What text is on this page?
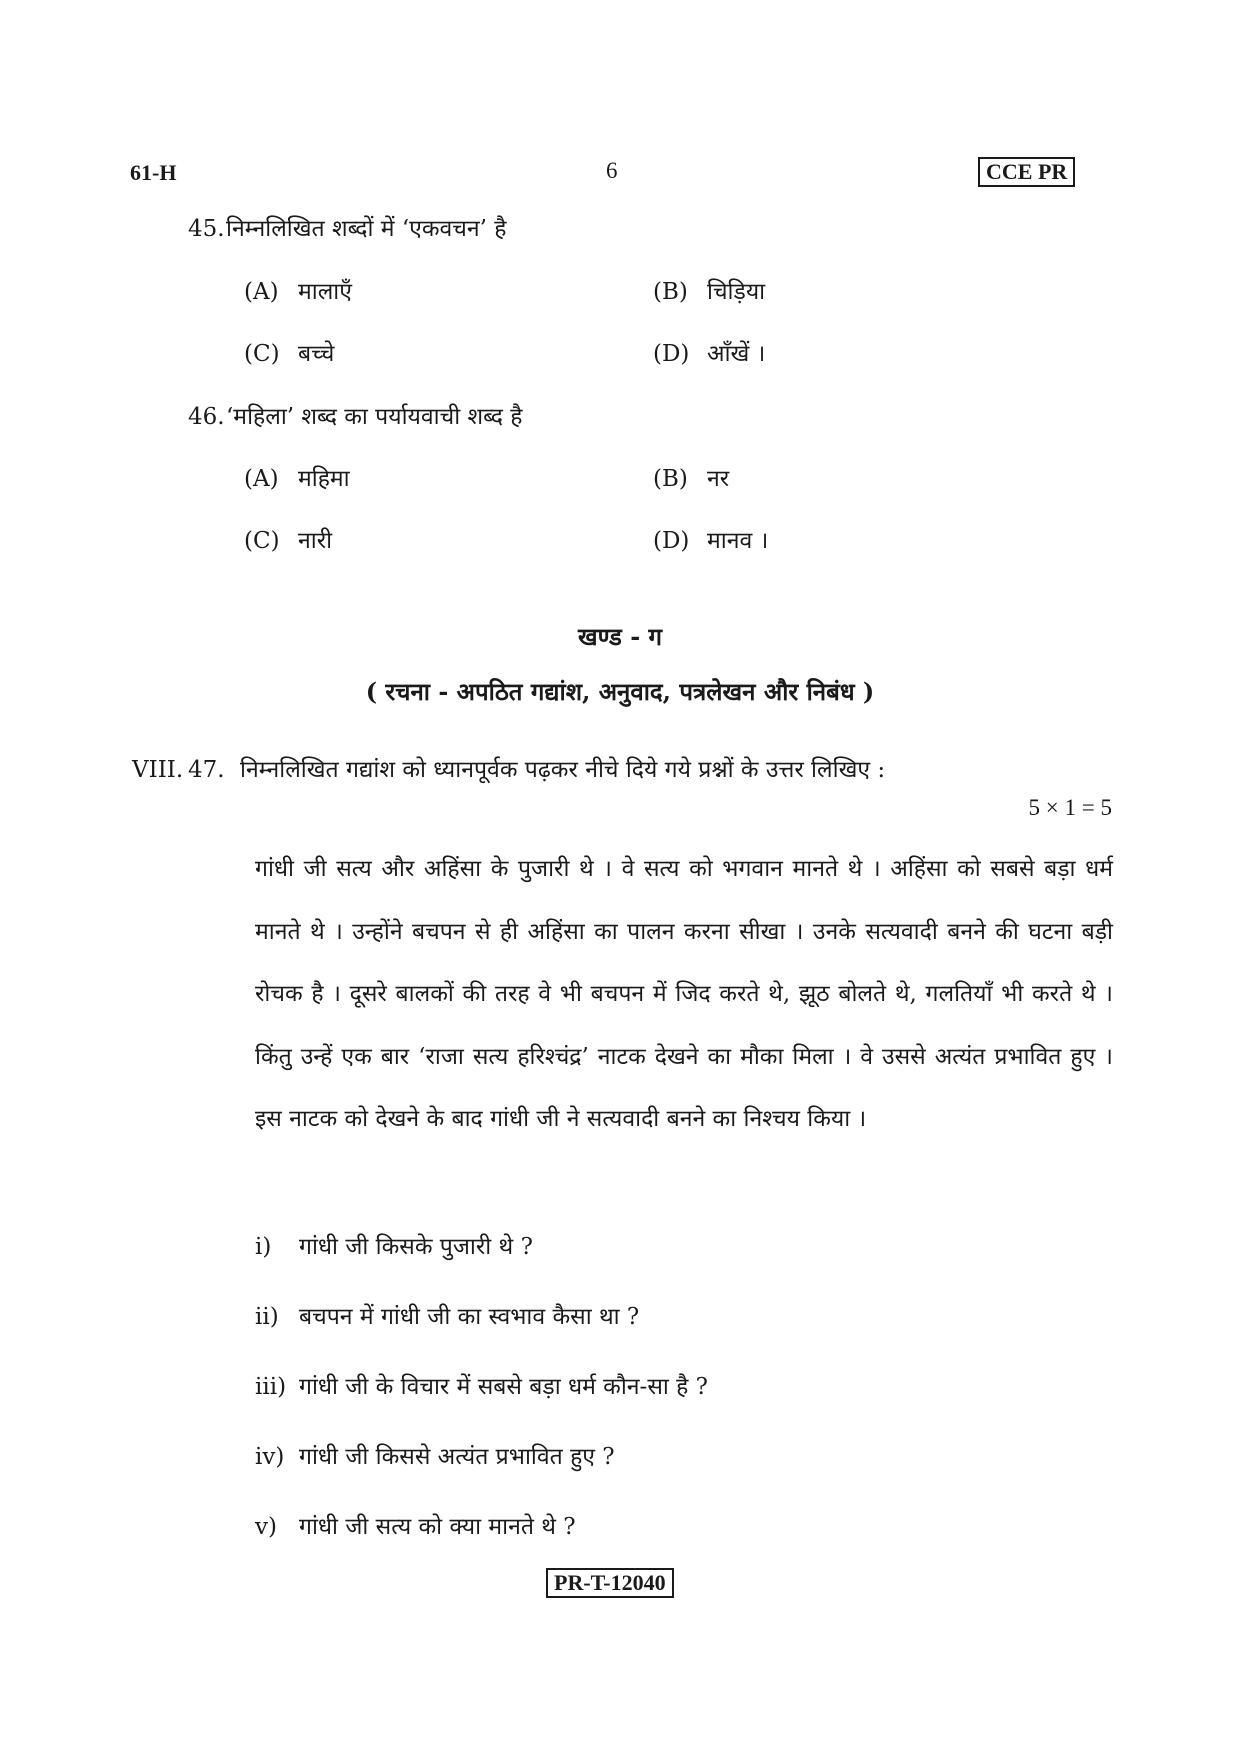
61-H	6	CCE PR
45.निम्नलिखित शब्दों में ‘एकवचन’ है
(A) मालाएँ	(B) चिड़िया
(C) बच्चे	(D) आँखें ।
46.‘महिला’ शब्द का पर्यायवाची शब्द है
(A) महिमा	(B) नर
(C) नारी	(D) मानव ।
खण्ड - ग
( रचना - अपठित गद्यांश, अनुवाद, पत्रलेखन और निबंध )
VIII. 47. निम्नलिखित गद्यांश को ध्यानपूर्वक पढ़कर नीचे दिये गये प्रश्नों के उत्तर लिखिए :
5 × 1 = 5
गांधी जी सत्य और अहिंसा के पुजारी थे । वे सत्य को भगवान मानते थे । अहिंसा को सबसे बड़ा धर्म मानते थे । उन्होंने बचपन से ही अहिंसा का पालन करना सीखा । उनके सत्यवादी बनने की घटना बड़ी रोचक है । दूसरे बालकों की तरह वे भी बचपन में जिद करते थे, झूठ बोलते थे, गलतियाँ भी करते थे । किंतु उन्हें एक बार ‘राजा सत्य हरिश्चंद्र’ नाटक देखने का मौका मिला । वे उससे अत्यंत प्रभावित हुए । इस नाटक को देखने के बाद गांधी जी ने सत्यवादी बनने का निश्चय किया ।
i) गांधी जी किसके पुजारी थे ?
ii) बचपन में गांधी जी का स्वभाव कैसा था ?
iii) गांधी जी के विचार में सबसे बड़ा धर्म कौन-सा है ?
iv) गांधी जी किससे अत्यंत प्रभावित हुए ?
v) गांधी जी सत्य को क्या मानते थे ?
PR-T-12040
